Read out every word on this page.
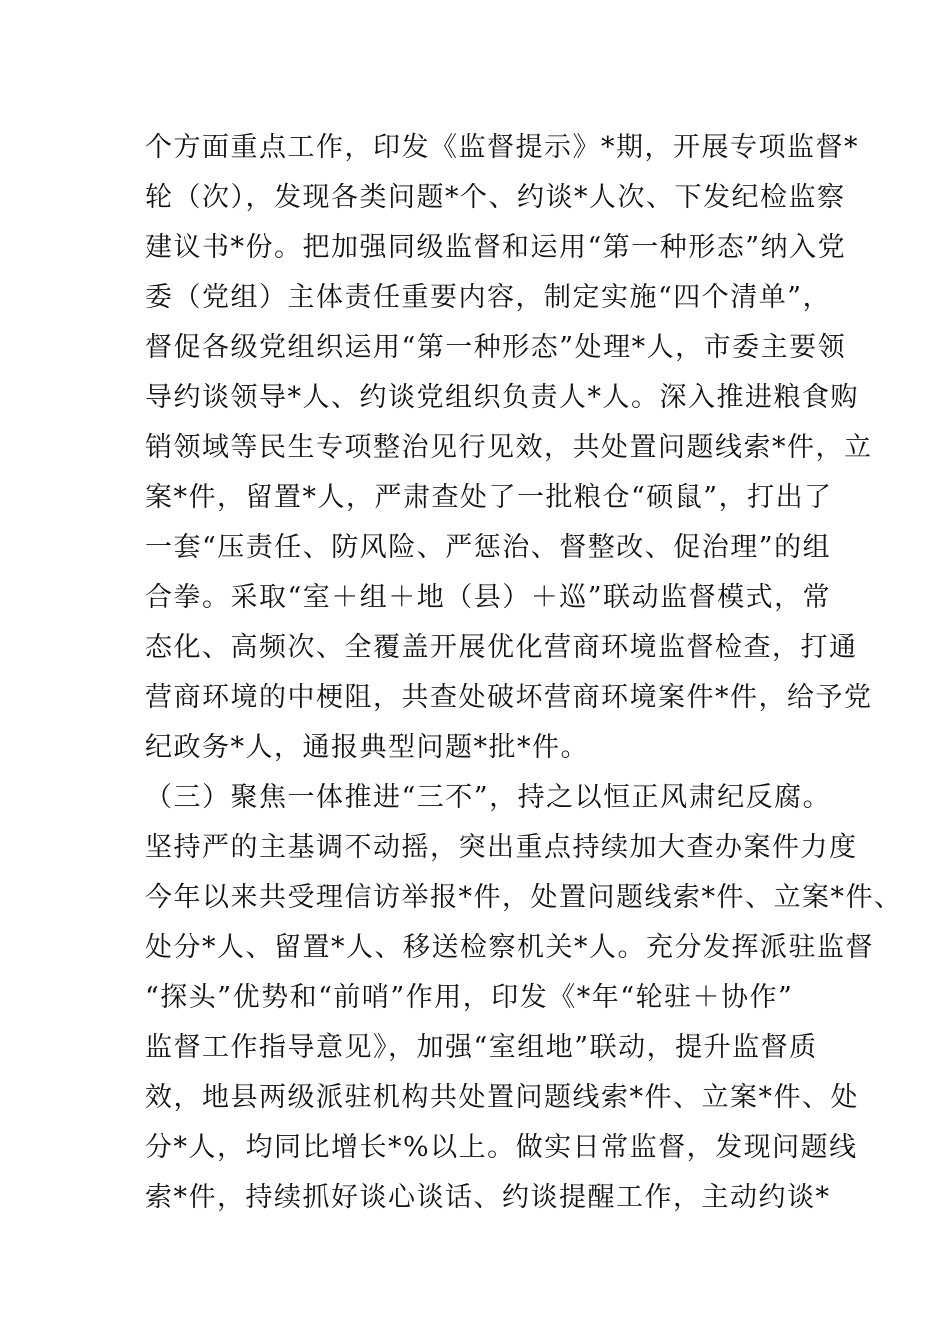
个方面重点工作，印发《监督提示》*期，开展专项监督*
轮（次），发现各类问题*个、约谈*人次、下发纪检监察
建议书*份。把加强同级监督和运用“第一种形态”纳入党
委（党组）主体责任重要内容，制定实施“四个清单”，
督促各级党组织运用“第一种形态”处理*人，市委主要领
导约谈领导*人、约谈党组织负责人*人。深入推进粮食购
销领域等民生专项整治见行见效，共处置问题线索*件，立
案*件，留置*人，严肃查处了一批粮仓“硕鼠”，打出了
一套“压责任、防风险、严惩治、督整改、促治理”的组
合拳。采取“室＋组＋地（县）＋巡”联动监督模式，常
态化、高频次、全覆盖开展优化营商环境监督检查，打通
营商环境的中梗阻，共查处破坏营商环境案件*件，给予党
纪政务*人，通报典型问题*批*件。
（三）聚焦一体推进“三不”，持之以恒正风肃纪反腐。
坚持严的主基调不动摇，突出重点持续加大查办案件力度
今年以来共受理信访举报*件，处置问题线索*件、立案*件、
处分*人、留置*人、移送检察机关*人。充分发挥派驻监督
“探头”优势和“前哨”作用，印发《*年“轮驻＋协作”
监督工作指导意见》，加强“室组地”联动，提升监督质
效，地县两级派驻机构共处置问题线索*件、立案*件、处
分*人，均同比增长*%以上。做实日常监督，发现问题线
索*件，持续抓好谈心谈话、约谈提醒工作，主动约谈*
